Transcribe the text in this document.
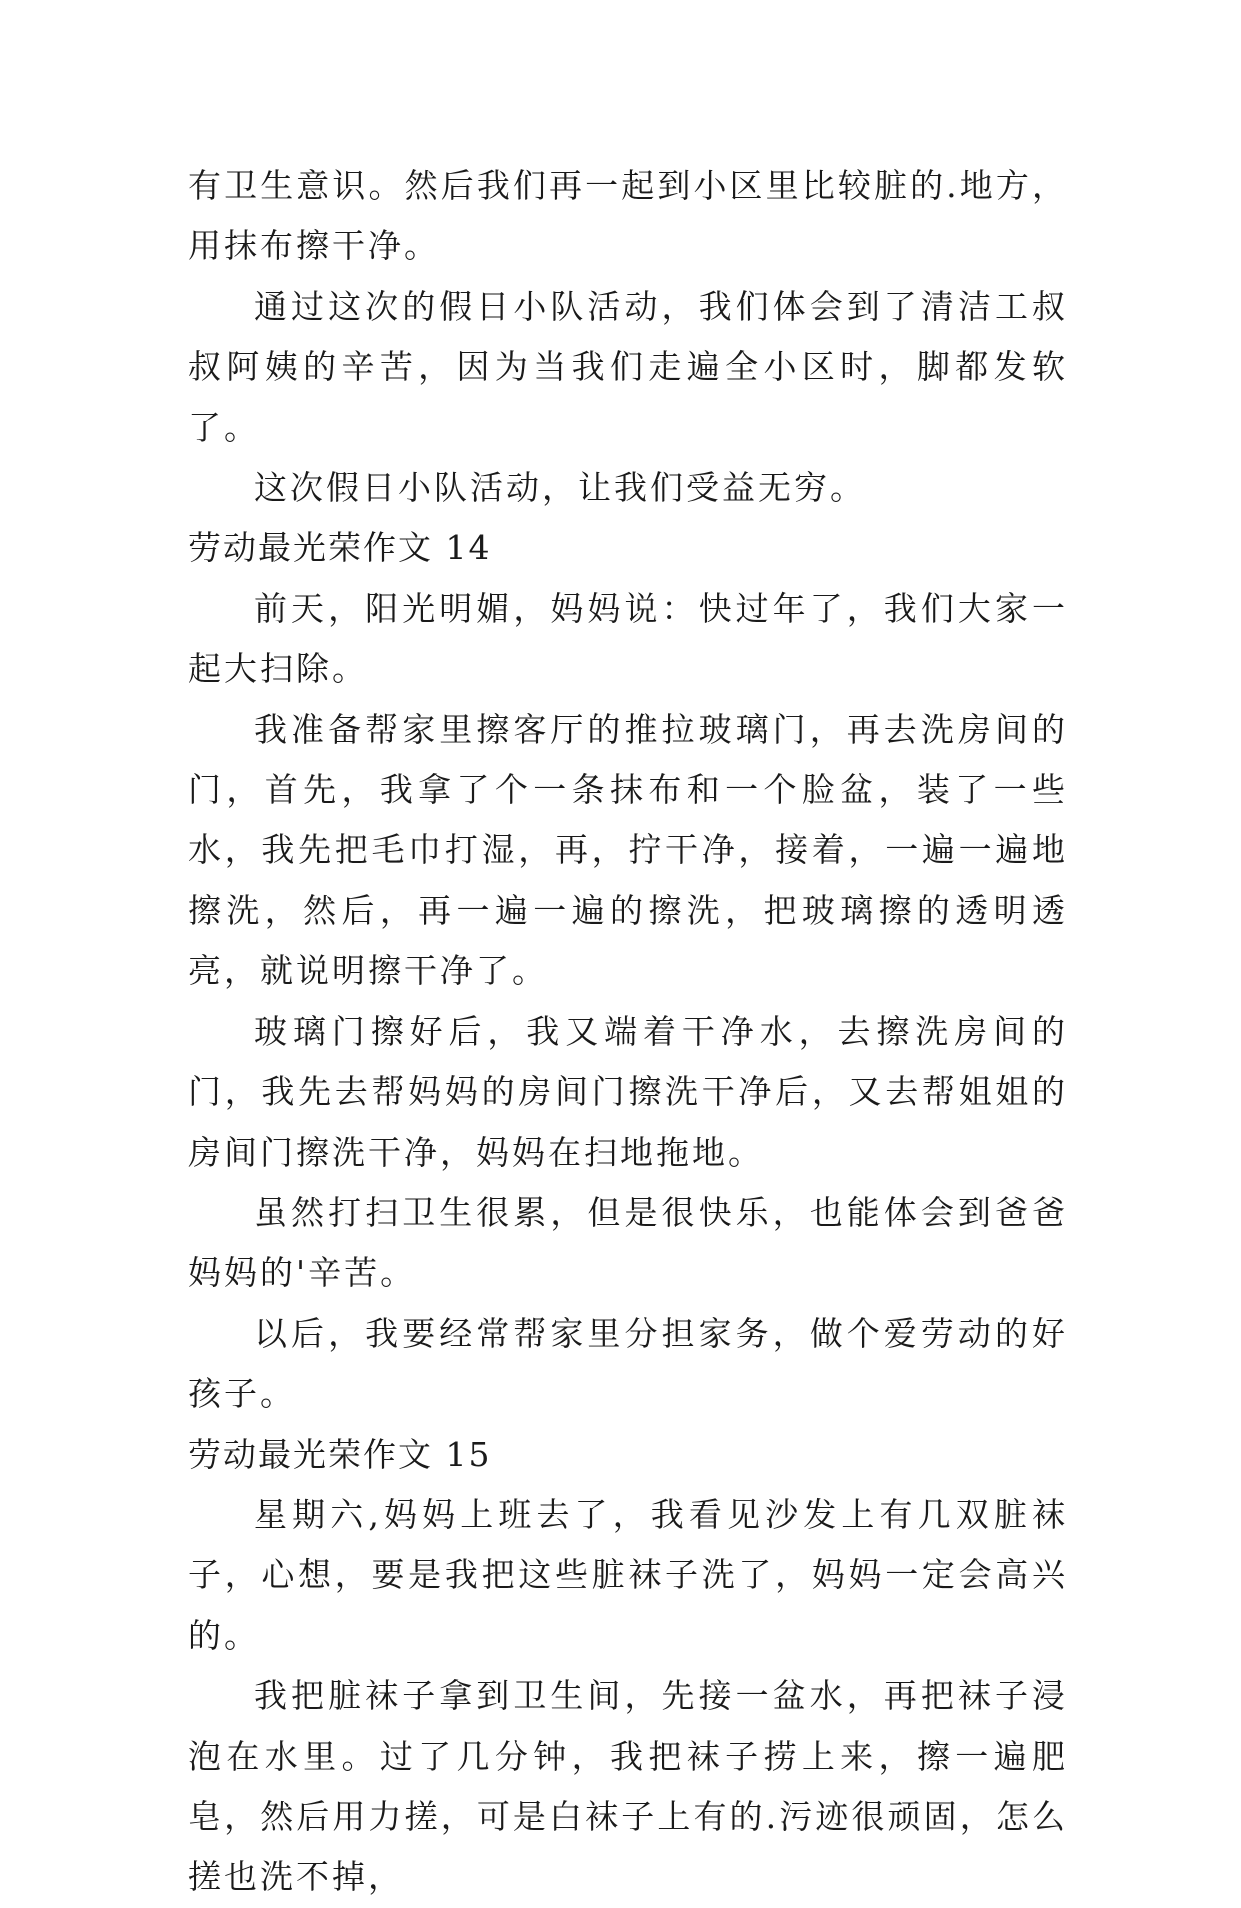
有卫生意识。然后我们再一起到小区里比较脏的.地方，用抹布擦干净。

通过这次的假日小队活动，我们体会到了清洁工叔叔阿姨的辛苦，因为当我们走遍全小区时，脚都发软了。

这次假日小队活动，让我们受益无穷。

劳动最光荣作文 14

前天，阳光明媚，妈妈说：快过年了，我们大家一起大扫除。

我准备帮家里擦客厅的推拉玻璃门，再去洗房间的门，首先，我拿了个一条抹布和一个脸盆，装了一些水，我先把毛巾打湿，再，拧干净，接着，一遍一遍地擦洗，然后，再一遍一遍的擦洗，把玻璃擦的透明透亮，就说明擦干净了。

玻璃门擦好后，我又端着干净水，去擦洗房间的门，我先去帮妈妈的房间门擦洗干净后，又去帮姐姐的房间门擦洗干净，妈妈在扫地拖地。

虽然打扫卫生很累，但是很快乐，也能体会到爸爸妈妈的'辛苦。

以后，我要经常帮家里分担家务，做个爱劳动的好孩子。

劳动最光荣作文 15

星期六,妈妈上班去了，我看见沙发上有几双脏袜子，心想，要是我把这些脏袜子洗了，妈妈一定会高兴的。

我把脏袜子拿到卫生间，先接一盆水，再把袜子浸泡在水里。过了几分钟，我把袜子捞上来，擦一遍肥皂，然后用力搓，可是白袜子上有的.污迹很顽固，怎么搓也洗不掉，
